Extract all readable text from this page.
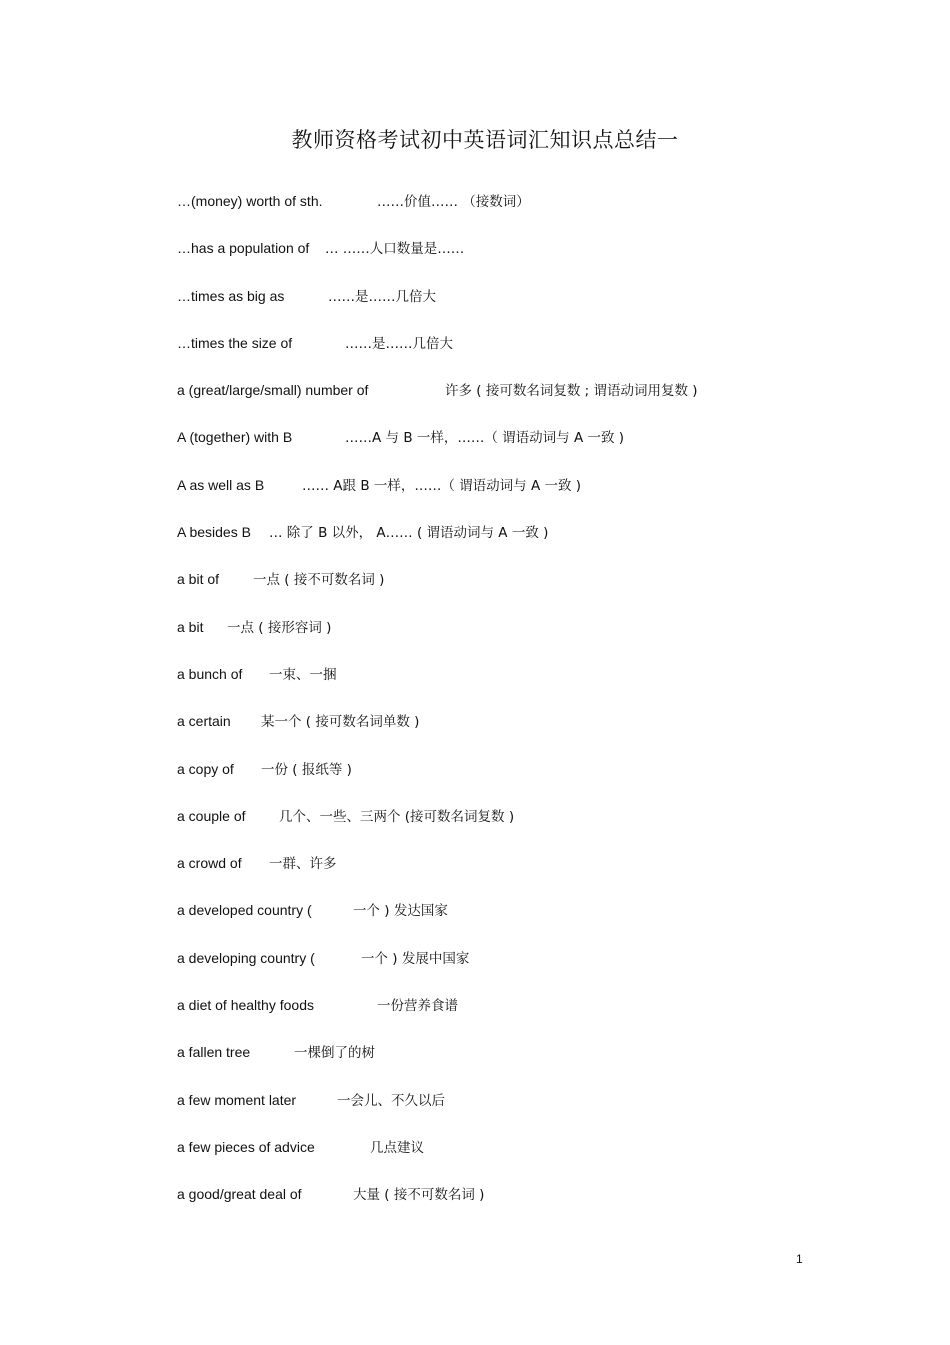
教师资格考试初中英语词汇知识点总结一
…(money) worth of sth.	……价值…… （接数词）
…has a population of … ……人口数量是……
…times as big as	……是……几倍大
…times the size of	……是……几倍大
a (great/large/small) number of	许多 ( 接可数名词复数 ; 谓语动词用复数 )
A (together) with B	……A 与 B 一样，……（ 谓语动词与 A 一致 )
A as well as B	…… A跟 B 一样，……（ 谓语动词与 A 一致 )
A besides B … 除了 B 以外， A…… ( 谓语动词与 A 一致 )
a bit of	一点 ( 接不可数名词 )
a bit 一点 ( 接形容词 )
a bunch of 一束、一捆
a certain 某一个 ( 接可数名词单数 )
a copy of 一份 ( 报纸等 )
a couple of 几个、一些、三两个 (接可数名词复数 )
a crowd of 一群、许多
a developed country (	一个 ) 发达国家
a developing country (	一个 ) 发展中国家
a diet of healthy foods	一份营养食谱
a fallen tree	一棵倒了的树
a few moment later	一会儿、不久以后
a few pieces of advice	几点建议
a good/great deal of	大量 ( 接不可数名词 )
1
